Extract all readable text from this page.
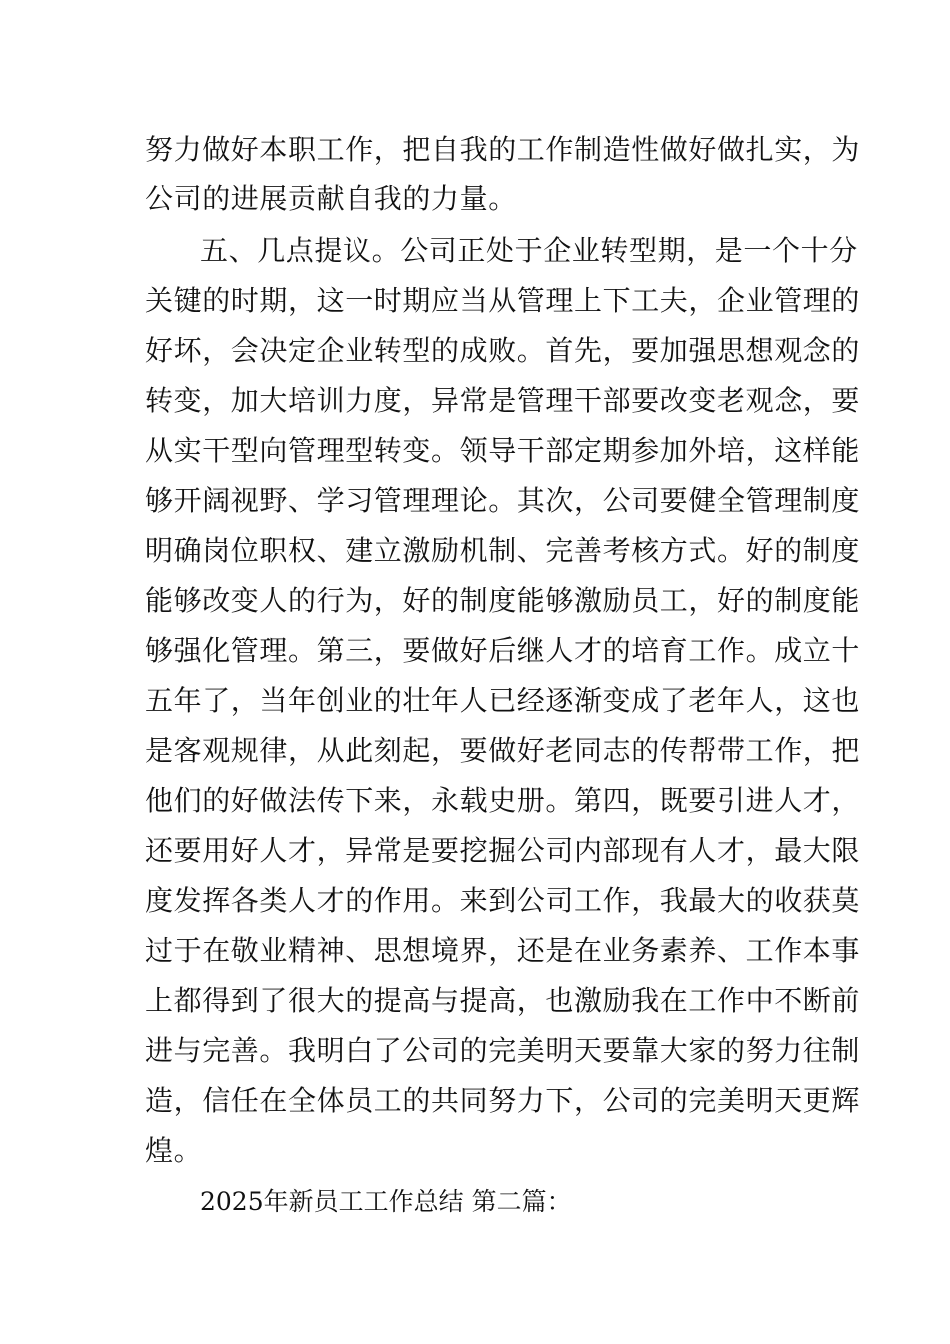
努力做好本职工作，把自我的工作制造性做好做扎实，为
公司的进展贡献自我的力量。
五、几点提议。公司正处于企业转型期，是一个十分
关键的时期，这一时期应当从管理上下工夫，企业管理的
好坏，会决定企业转型的成败。首先，要加强思想观念的
转变，加大培训力度，异常是管理干部要改变老观念，要
从实干型向管理型转变。领导干部定期参加外培，这样能
够开阔视野、学习管理理论。其次，公司要健全管理制度
明确岗位职权、建立激励机制、完善考核方式。好的制度
能够改变人的行为，好的制度能够激励员工，好的制度能
够强化管理。第三，要做好后继人才的培育工作。成立十
五年了，当年创业的壮年人已经逐渐变成了老年人，这也
是客观规律，从此刻起，要做好老同志的传帮带工作，把
他们的好做法传下来，永载史册。第四，既要引进人才，
还要用好人才，异常是要挖掘公司内部现有人才，最大限
度发挥各类人才的作用。来到公司工作，我最大的收获莫
过于在敬业精神、思想境界，还是在业务素养、工作本事
上都得到了很大的提高与提高，也激励我在工作中不断前
进与完善。我明白了公司的完美明天要靠大家的努力往制
造，信任在全体员工的共同努力下，公司的完美明天更辉
煌。
2025年新员工工作总结 第二篇：
